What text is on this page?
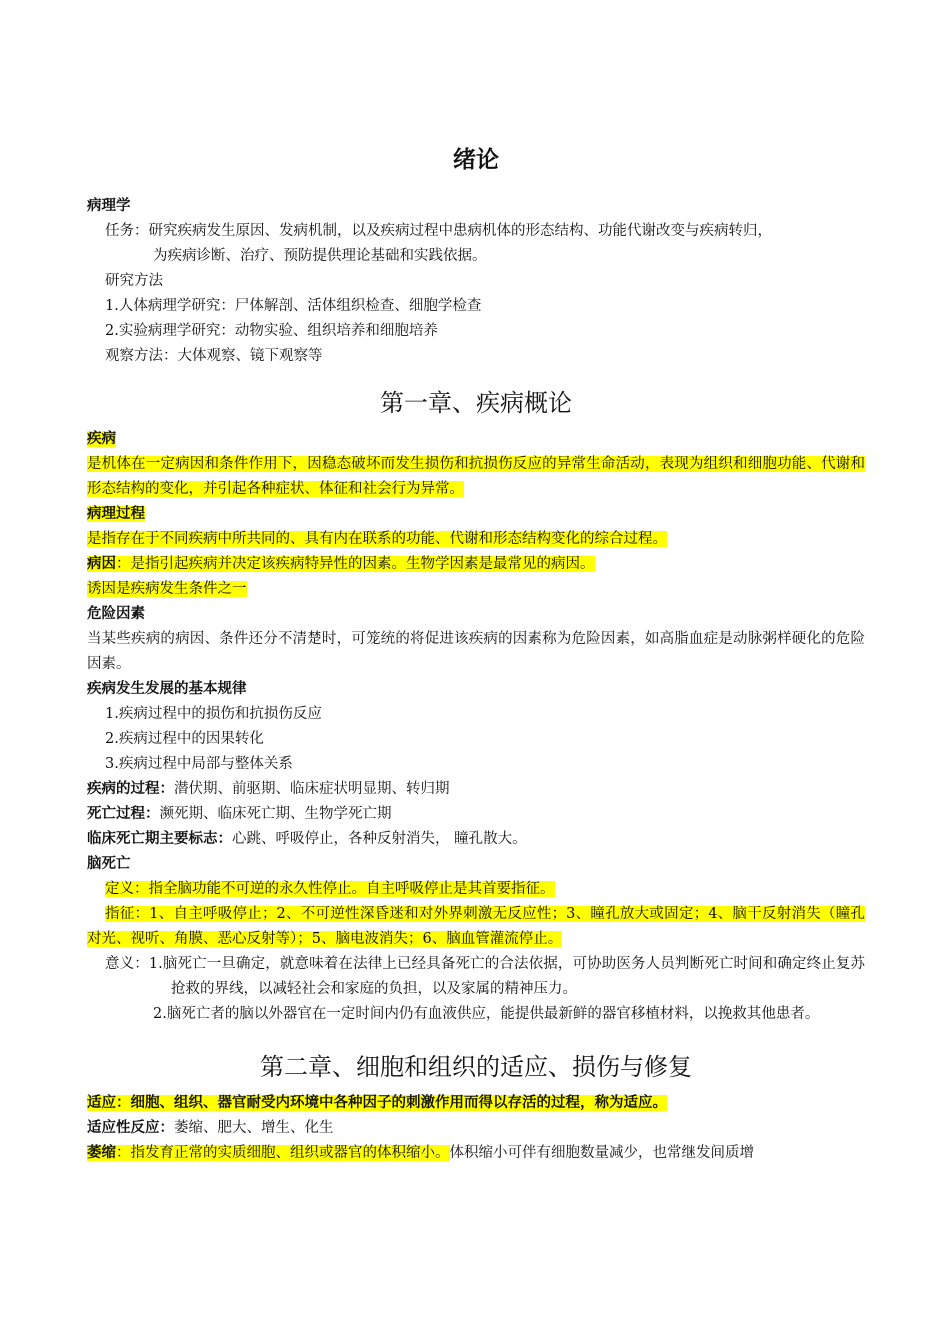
绪论
病理学
任务：研究疾病发生原因、发病机制，以及疾病过程中患病机体的形态结构、功能代谢改变与疾病转归，
为疾病诊断、治疗、预防提供理论基础和实践依据。
研究方法
1.人体病理学研究：尸体解剖、活体组织检查、细胞学检查
2.实验病理学研究：动物实验、组织培养和细胞培养
观察方法：大体观察、镜下观察等
第一章、疾病概论
疾病
是机体在一定病因和条件作用下，因稳态破坏而发生损伤和抗损伤反应的异常生命活动，表现为组织和细胞功能、代谢和形态结构的变化，并引起各种症状、体征和社会行为异常。
病理过程
是指存在于不同疾病中所共同的、具有内在联系的功能、代谢和形态结构变化的综合过程。
病因：是指引起疾病并决定该疾病特异性的因素。生物学因素是最常见的病因。
诱因是疾病发生条件之一
危险因素
当某些疾病的病因、条件还分不清楚时，可笼统的将促进该疾病的因素称为危险因素，如高脂血症是动脉粥样硬化的危险因素。
疾病发生发展的基本规律
1.疾病过程中的损伤和抗损伤反应
2.疾病过程中的因果转化
3.疾病过程中局部与整体关系
疾病的过程：潜伏期、前驱期、临床症状明显期、转归期
死亡过程：濒死期、临床死亡期、生物学死亡期
临床死亡期主要标志：心跳、呼吸停止，各种反射消失， 瞳孔散大。
脑死亡
定义：指全脑功能不可逆的永久性停止。自主呼吸停止是其首要指征。
指征：1、自主呼吸停止；2、不可逆性深昏迷和对外界刺激无反应性；3、瞳孔放大或固定；4、脑干反射消失（瞳孔对光、视听、角膜、恶心反射等）；5、脑电波消失；6、脑血管灌流停止。
意义：1.脑死亡一旦确定，就意味着在法律上已经具备死亡的合法依据，可协助医务人员判断死亡时间和确定终止复苏抢救的界线，以减轻社会和家庭的负担，以及家属的精神压力。
2.脑死亡者的脑以外器官在一定时间内仍有血液供应，能提供最新鲜的器官移植材料，以挽救其他患者。
第二章、细胞和组织的适应、损伤与修复
适应：细胞、组织、器官耐受内环境中各种因子的刺激作用而得以存活的过程，称为适应。
适应性反应：萎缩、肥大、增生、化生
萎缩：指发育正常的实质细胞、组织或器官的体积缩小。体积缩小可伴有细胞数量减少，也常继发间质增
